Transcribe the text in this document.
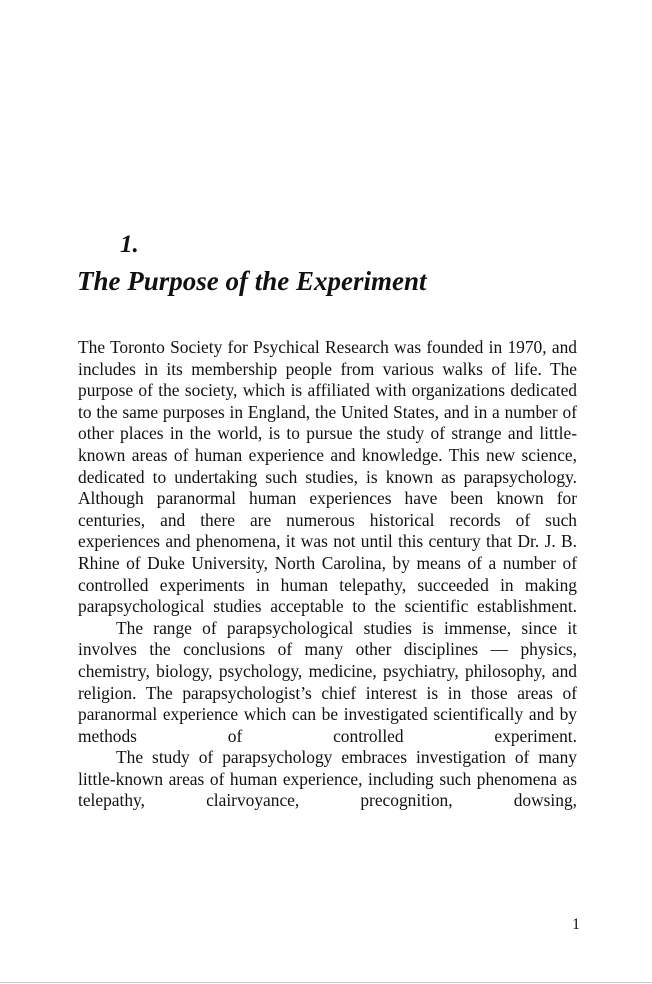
1.
The Purpose of the Experiment

The Toronto Society for Psychical Research was founded in 1970, and includes in its membership people from various walks of life. The purpose of the society, which is affiliated with organizations dedicated to the same purposes in England, the United States, and in a number of other places in the world, is to pursue the study of strange and little-known areas of human experience and knowledge. This new science, dedicated to undertaking such studies, is known as parapsychology. Although paranormal human experiences have been known for centuries, and there are numerous historical records of such experiences and phenomena, it was not until this century that Dr. J. B. Rhine of Duke University, North Carolina, by means of a number of controlled experiments in human telepathy, succeeded in making parapsychological studies acceptable to the scientific establishment.

The range of parapsychological studies is immense, since it involves the conclusions of many other disciplines — physics, chemistry, biology, psychology, medicine, psychiatry, philosophy, and religion. The parapsychologist’s chief interest is in those areas of paranormal experience which can be investigated scientifically and by methods of controlled experiment.

The study of parapsychology embraces investigation of many little-known areas of human experience, including such phenomena as telepathy, clairvoyance, precognition, dowsing,

1
